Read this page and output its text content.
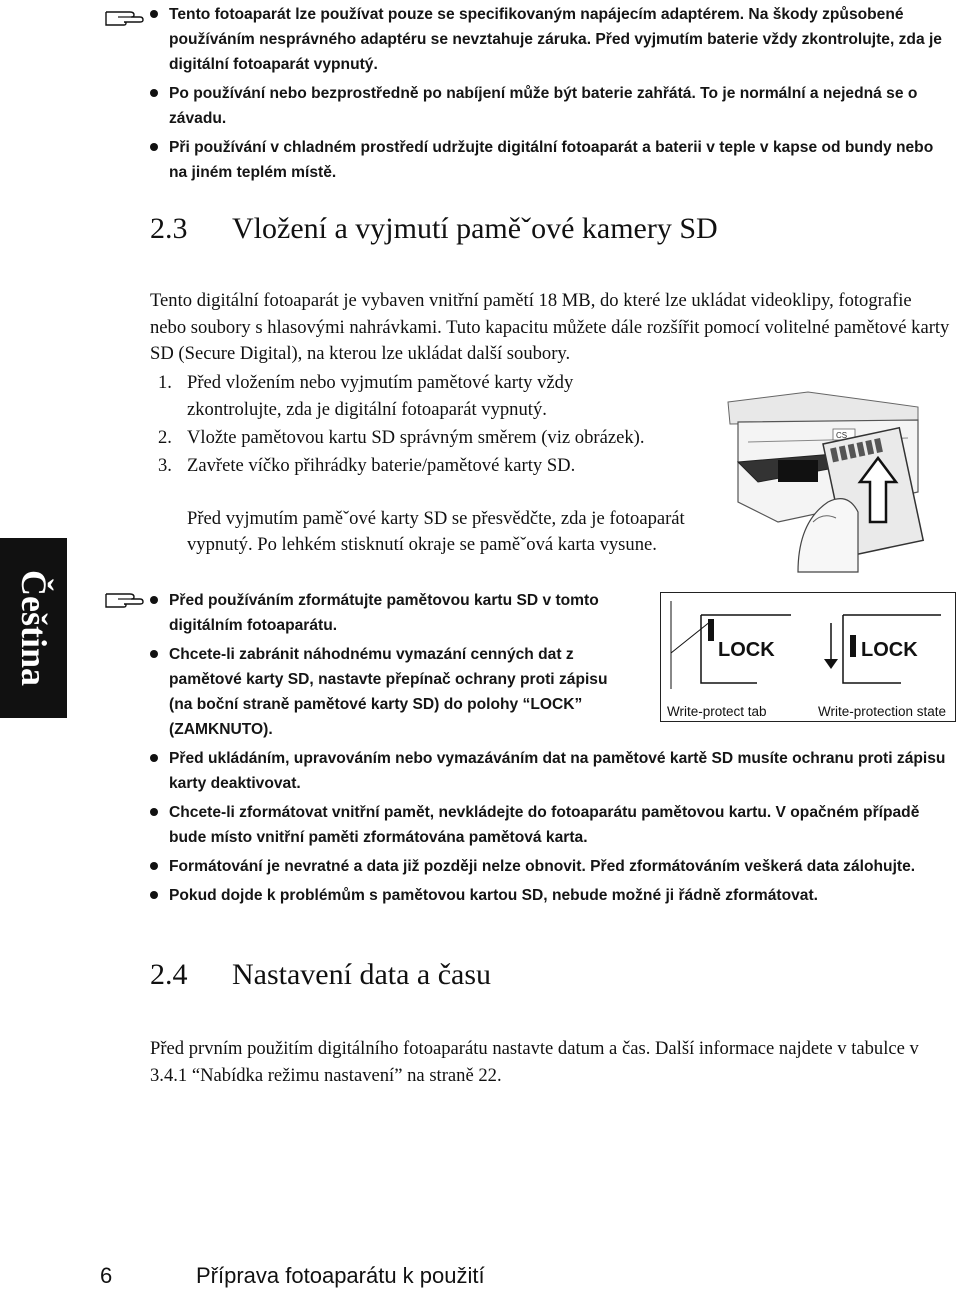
Tento fotoaparát lze používat pouze se specifikovaným napájecím adaptérem. Na škody způsobené používáním nesprávného adaptéru se nevztahuje záruka. Před vyjmutím baterie vždy zkontrolujte, zda je digitální fotoaparát vypnutý.
Po používání nebo bezprostředně po nabíjení může být baterie zahřátá. To je normální a nejedná se o závadu.
Při používání v chladném prostředí udržujte digitální fotoaparát a baterii v teple v kapse od bundy nebo na jiném teplém místě.
2.3 Vložení a vyjmutí paměˇové kamery SD

Tento digitální fotoaparát je vybaven vnitřní pamětí 18 MB, do které lze ukládat videoklipy, fotografie nebo soubory s hlasovými nahrávkami. Tuto kapacitu můžete dále rozšířit pomocí volitelné pamětové karty SD (Secure Digital), na kterou lze ukládat další soubory.

1. Před vložením nebo vyjmutím pamětové karty vždy zkontrolujte, zda je digitální fotoaparát vypnutý.
2. Vložte pamětovou kartu SD správným směrem (viz obrázek).
3. Zavřete víčko přihrádky baterie/pamětové karty SD.

Před vyjmutím paměˇové karty SD se přesvědčte, zda je fotoaparát vypnutý. Po lehkém stisknutí okraje se paměˇová karta vysune.

CS
Před používáním zformátujte pamětovou kartu SD v tomto digitálním fotoaparátu.
Chcete-li zabránit náhodnému vymazání cenných dat z pamětové karty SD, nastavte přepínač ochrany proti zápisu (na boční straně pamětové karty SD) do polohy “LOCK” (ZAMKNUTO).
Před ukládáním, upravováním nebo vymazáváním dat na pamětové kartě SD musíte ochranu proti zápisu karty deaktivovat.
Chcete-li zformátovat vnitřní pamět, nevkládejte do fotoaparátu pamětovou kartu. V opačném případě bude místo vnitřní paměti zformátována pamětová karta.
Formátování je nevratné a data již později nelze obnovit. Před zformátováním veškerá data zálohujte.
Pokud dojde k problémům s pamětovou kartou SD, nebude možné ji řádně zformátovat.
LOCK	LOCK
Write-protect tab	Write-protection state
2.4 Nastavení data a času

Před prvním použitím digitálního fotoaparátu nastavte datum a čas. Další informace najdete v tabulce v 3.4.1 “Nabídka režimu nastavení” na straně 22.

Čeština
6	Příprava fotoaparátu k použití
